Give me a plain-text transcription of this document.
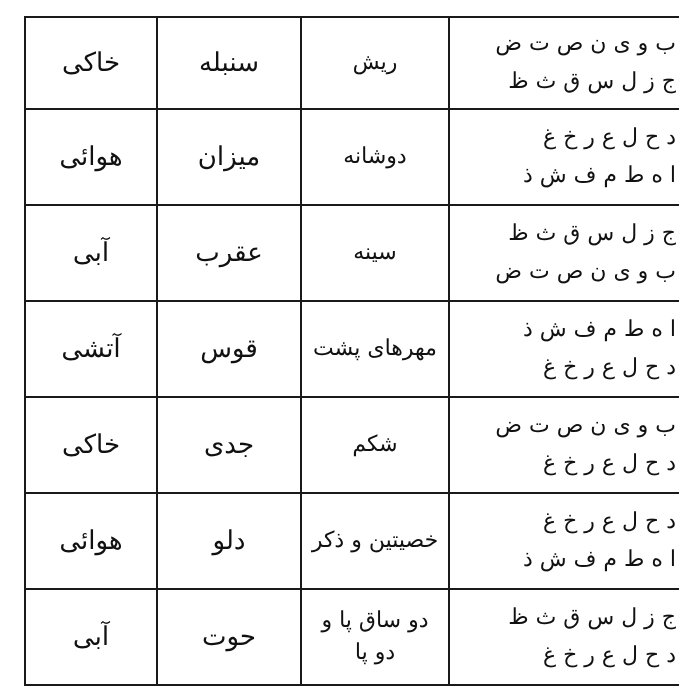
خاکی	سنبله	ریش	ب و ی ن ص ت ض
ج ز ل س ق ث ظ

هوائی	میزان	دوشانه	د ح ل ع ر خ غ
ا ه ط م ف ش ذ

آبی	عقرب	سینه	ج ز ل س ق ث ظ
ب و ی ن ص ت ض

آتشی	قوس	مهرهای پشت	ا ه ط م ف ش ذ
د ح ل ع ر خ غ

خاکی	جدی	شکم	ب و ی ن ص ت ض
د ح ل ع ر خ غ

هوائی	دلو	خصیتین و ذکر	د ح ل ع ر خ غ
ا ه ط م ف ش ذ

آبی	حوت	دو ساق پا و
دو پا	ج ز ل س ق ث ظ
د ح ل ع ر خ غ
